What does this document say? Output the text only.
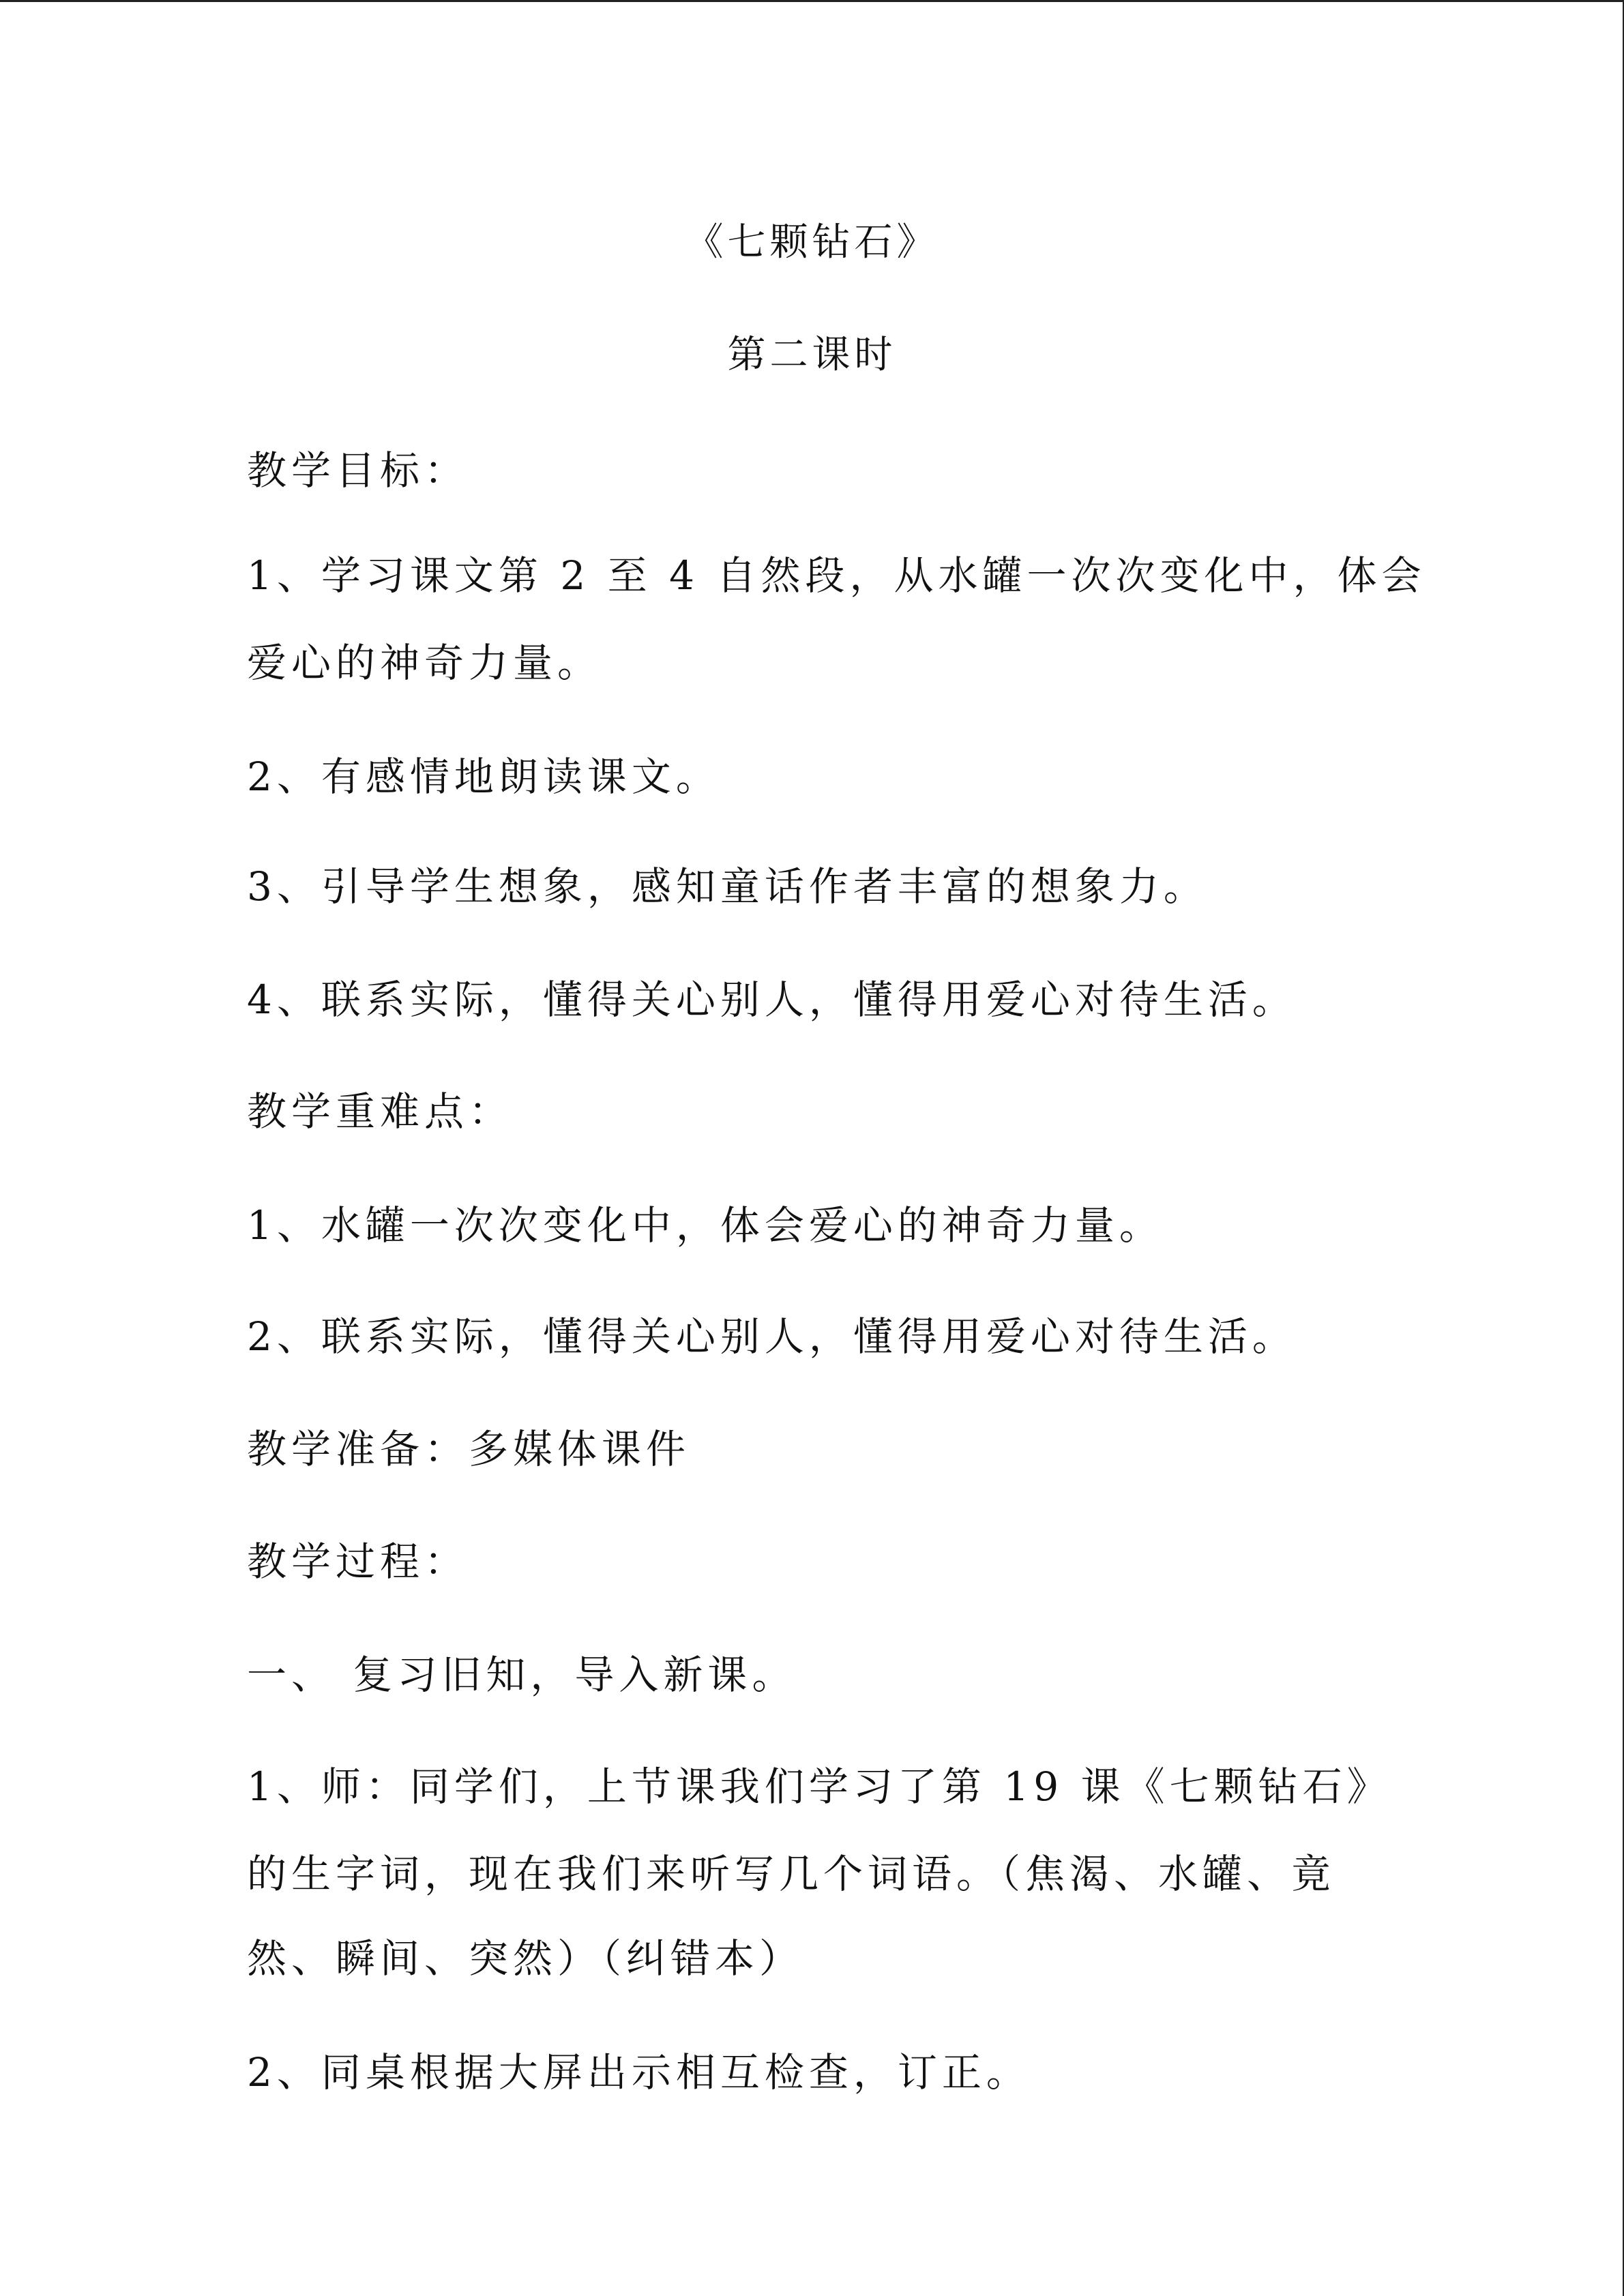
《七颗钻石》
第二课时
教学目标：
1、学习课文第 2 至 4 自然段，从水罐一次次变化中，体会
爱心的神奇力量。
2、有感情地朗读课文。
3、引导学生想象，感知童话作者丰富的想象力。
4、联系实际，懂得关心别人，懂得用爱心对待生活。
教学重难点：
1、水罐一次次变化中，体会爱心的神奇力量。
2、联系实际，懂得关心别人，懂得用爱心对待生活。
教学准备：多媒体课件
教学过程：
一、 复习旧知，导入新课。
1、师：同学们，上节课我们学习了第 19 课《七颗钻石》
的生字词，现在我们来听写几个词语。（焦渴、水罐、竟
然、瞬间、突然）（纠错本）
2、同桌根据大屏出示相互检查，订正。
